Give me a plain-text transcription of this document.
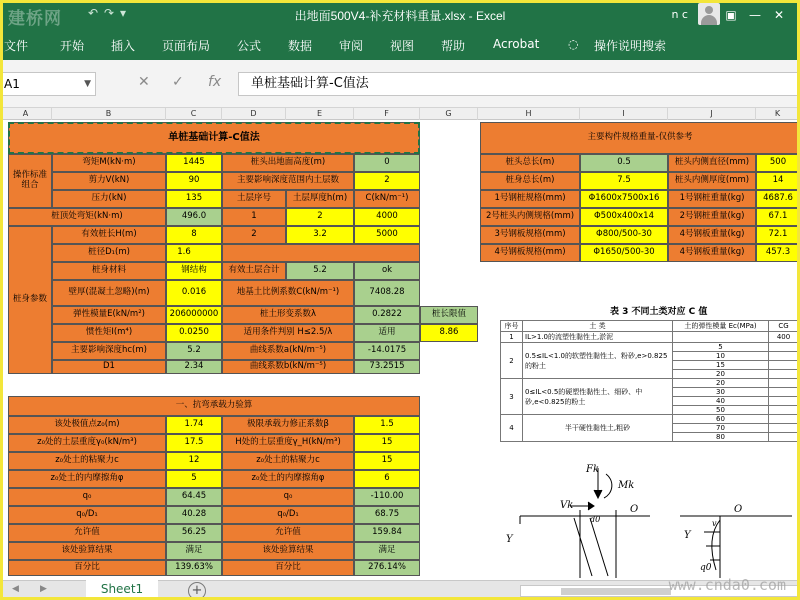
建桥网 ↶ ↷ ▾	出地面500V4-补充材料重量.xlsx - Excel	n c	▣	—	✕
文件	开始 插入 页面布局 公式 数据 审阅 视图 帮助 Acrobat ◌ 操作说明搜索
A1	▼	✕ ✓ fx	单桩基础计算-C值法
A	B	C	D	E	F	G	H	I	J	K
单桩基础计算-C值法
操作标准组合
弯矩M(kN·m)	1445	桩头出地面高度(m)	0
剪力V(kN)	90	主要影响深度范围内土层数	2
压力(kN)	135	土层序号	土层厚度h(m)	C(kN/m⁻¹)
桩顶处弯矩(kN·m)	496.0	1	2	4000
桩身参数
有效桩长H(m)	8	2	3.2	5000
桩径D₁(m)	1.6
桩身材料	钢结构	有效土层合计	5.2	ok
壁厚(混凝土忽略)(m)	0.016	地基土比例系数C(kN/m⁻¹)	7408.28
弹性模量E(kN/m²)	206000000	桩土形变系数λ	0.2822	桩长限值
惯性矩I(m⁴)	0.0250	适用条件判别 H≤2.5/λ	适用	8.86
主要影响深度hc(m)	5.2	曲线系数a(kN/m⁻⁵)	-14.0175
D1	2.34	曲线系数b(kN/m⁻⁵)	73.2515
一、抗弯承载力验算
该处极值点z₀(m)	1.74	极限承载力修正系数β	1.5
z₀处的土层重度γ₀(kN/m³)	17.5	H处的土层重度γ_H(kN/m³)	15
z₀处土的粘聚力c	12	z₀处土的粘聚力c	15
z₀处土的内摩擦角φ	5	z₀处土的内摩擦角φ	6
q₀	64.45	q₀	-110.00
q₀/D₁	40.28	q₀/D₁	68.75
允许值	56.25	允许值	159.84
该处验算结果	满足	该处验算结果	满足
百分比	139.63%	百分比	276.14%
主要构件规格重量-仅供参考
桩头总长(m)	0.5	桩头内侧直径(mm)	500
桩身总长(m)	7.5	桩头内侧厚度(mm)	14
1号钢桩规格(mm)	Φ1600x7500x16	1号钢桩重量(kg)	4687.6
2号桩头内侧规格(mm)	Φ500x400x14	2号钢桩重量(kg)	67.1
3号钢板规格(mm)	Φ800/500-30	4号钢板重量(kg)	72.1
4号钢板规格(mm)	Φ1650/500-30	4号钢板重量(kg)	457.3
表 3 不同土类对应 C 值
序号	土 类	土的弹性模量 Ec(MPa)	CG
1	IL>1.0的流塑性黏性土,淤泥		400
2	0.5≤IL<1.0的软塑性黏性土、粉砂,e>0.825的粉土	5	
		10	
		15	
		20	
3	0≤IL<0.5的硬塑性黏性土、细砂、中砂,e<0.825的粉土	20	
		30	
		40	
		50	
4	半干硬性黏性土,粗砂	60	
		70	
		80	
Fk
Mk
Vk
d0
O
Y
O
Y
q0
v
◀ ▶	Sheet1	+	www.cnda0.com
